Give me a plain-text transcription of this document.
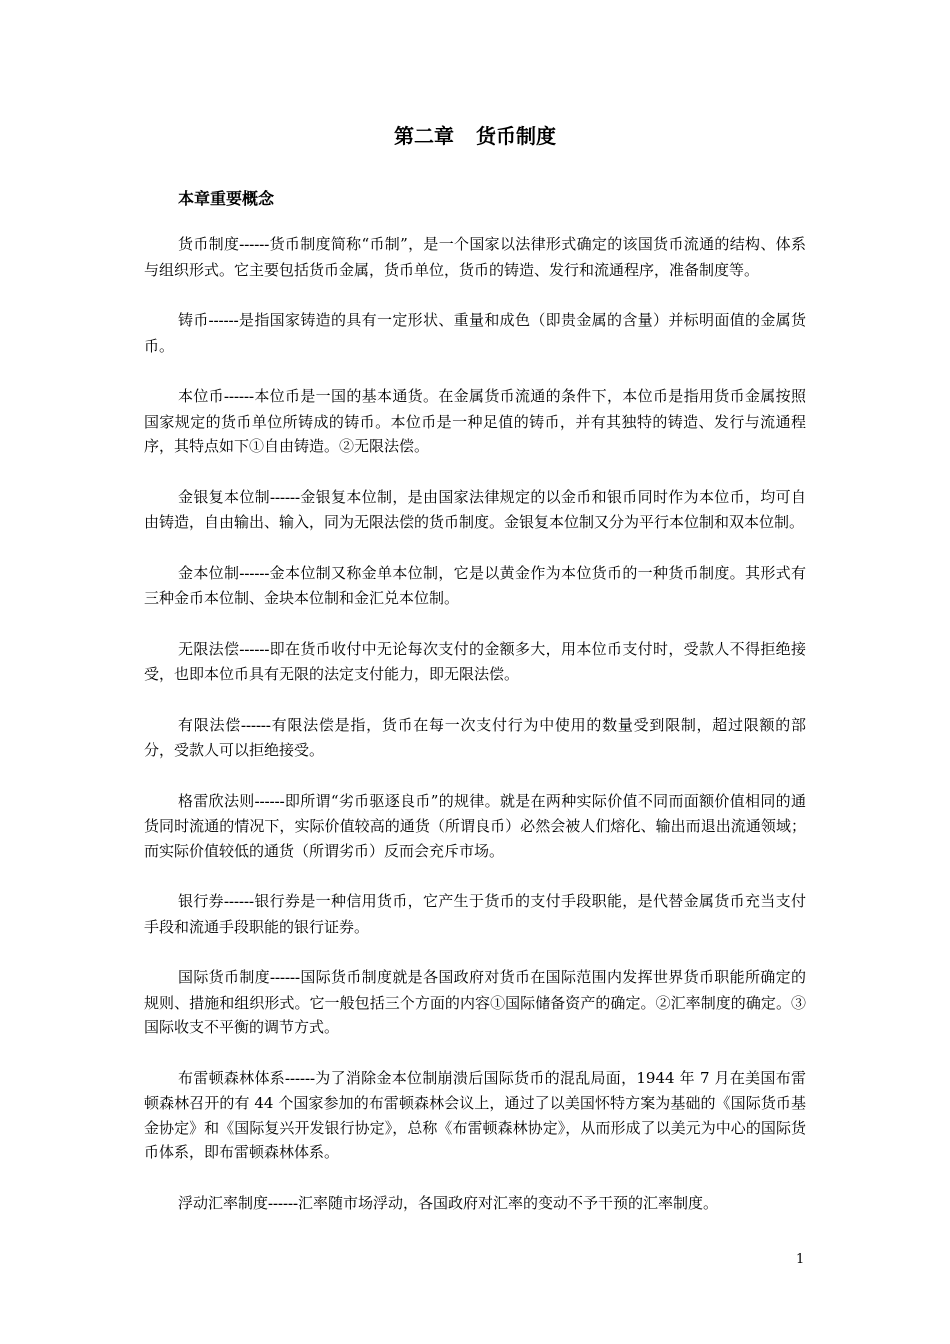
第二章 货币制度
本章重要概念

货币制度------货币制度简称“币制”，是一个国家以法律形式确定的该国货币流通的结构、体系与组织形式。它主要包括货币金属，货币单位，货币的铸造、发行和流通程序，准备制度等。

铸币------是指国家铸造的具有一定形状、重量和成色（即贵金属的含量）并标明面值的金属货币。

本位币------本位币是一国的基本通货。在金属货币流通的条件下，本位币是指用货币金属按照国家规定的货币单位所铸成的铸币。本位币是一种足值的铸币，并有其独特的铸造、发行与流通程序，其特点如下①自由铸造。②无限法偿。

金银复本位制------金银复本位制，是由国家法律规定的以金币和银币同时作为本位币，均可自由铸造，自由输出、输入，同为无限法偿的货币制度。金银复本位制又分为平行本位制和双本位制。

金本位制------金本位制又称金单本位制，它是以黄金作为本位货币的一种货币制度。其形式有三种金币本位制、金块本位制和金汇兑本位制。

无限法偿------即在货币收付中无论每次支付的金额多大，用本位币支付时，受款人不得拒绝接受，也即本位币具有无限的法定支付能力，即无限法偿。

有限法偿------有限法偿是指，货币在每一次支付行为中使用的数量受到限制，超过限额的部分，受款人可以拒绝接受。

格雷欣法则------即所谓“劣币驱逐良币”的规律。就是在两种实际价值不同而面额价值相同的通货同时流通的情况下，实际价值较高的通货（所谓良币）必然会被人们熔化、输出而退出流通领域；而实际价值较低的通货（所谓劣币）反而会充斥市场。

银行券------银行券是一种信用货币，它产生于货币的支付手段职能，是代替金属货币充当支付手段和流通手段职能的银行证券。

国际货币制度------国际货币制度就是各国政府对货币在国际范围内发挥世界货币职能所确定的规则、措施和组织形式。它一般包括三个方面的内容①国际储备资产的确定。②汇率制度的确定。③国际收支不平衡的调节方式。

布雷顿森林体系------为了消除金本位制崩溃后国际货币的混乱局面，1944 年 7 月在美国布雷顿森林召开的有 44 个国家参加的布雷顿森林会议上，通过了以美国怀特方案为基础的《国际货币基金协定》和《国际复兴开发银行协定》，总称《布雷顿森林协定》，从而形成了以美元为中心的国际货币体系，即布雷顿森林体系。

浮动汇率制度------汇率随市场浮动，各国政府对汇率的变动不予干预的汇率制度。

1
